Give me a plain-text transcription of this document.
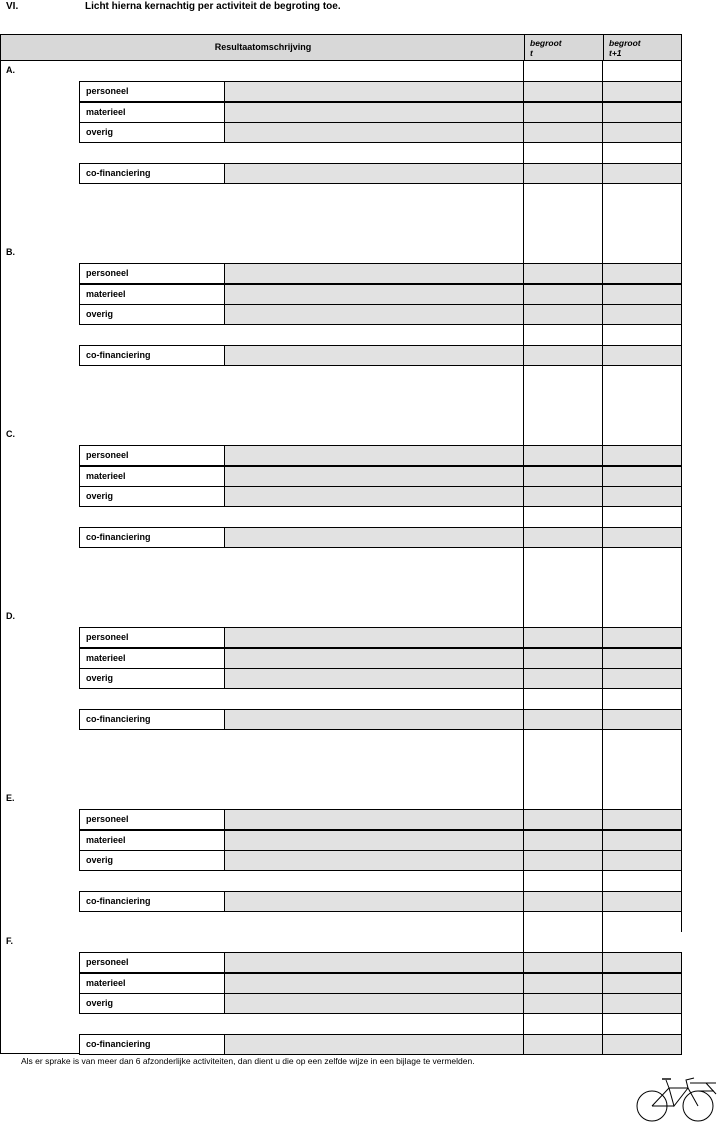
VI.	Licht hierna kernachtig per activiteit de begroting toe.
Resultaatomschrijving	begroot
t
begroot
t+1
A.
personeel
materieel
overig
co-financiering
B.
personeel
materieel
overig
co-financiering
C.
personeel
materieel
overig
co-financiering
D.
personeel
materieel
overig
co-financiering
E.
personeel
materieel
overig
co-financiering
F.
personeel
materieel
overig
co-financiering
Als er sprake is van meer dan 6 afzonderlijke activiteiten, dan dient u die op een zelfde wijze in een bijlage te vermelden.
